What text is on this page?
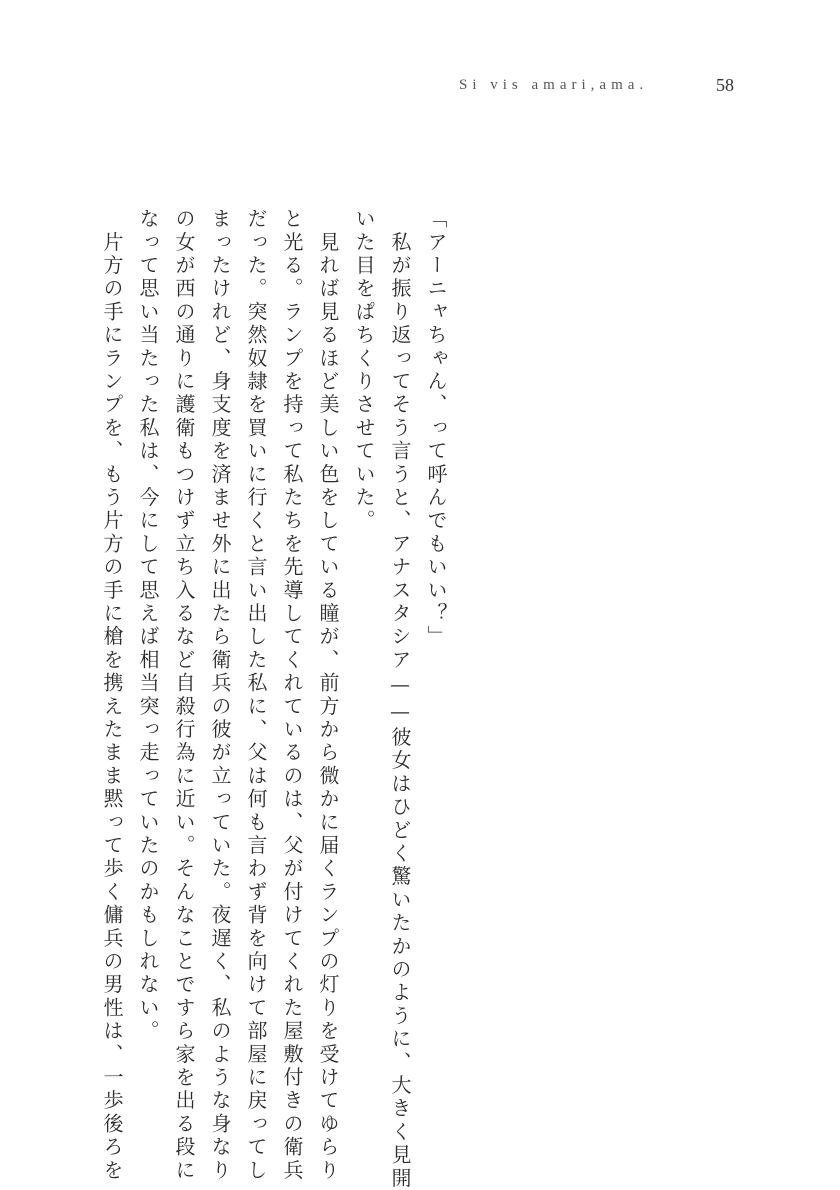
Si vis amari,ama.	58

「アーニャちゃん、って呼んでもいい？」

　私が振り返ってそう言うと、アナスタシア——彼女はひどく驚いたかのように、大きく見開

いた目をぱちくりさせていた。

　見れば見るほど美しい色をしている瞳が、前方から微かに届くランプの灯りを受けてゆらり

と光る。ランプを持って私たちを先導してくれているのは、父が付けてくれた屋敷付きの衛兵

だった。突然奴隷を買いに行くと言い出した私に、父は何も言わず背を向けて部屋に戻ってし

まったけれど、身支度を済ませ外に出たら衛兵の彼が立っていた。夜遅く、私のような身なり

の女が西の通りに護衛もつけず立ち入るなど自殺行為に近い。そんなことですら家を出る段に

なって思い当たった私は、今にして思えば相当突っ走っていたのかもしれない。

　片方の手にランプを、もう片方の手に槍を携えたまま黙って歩く傭兵の男性は、一歩後ろを
